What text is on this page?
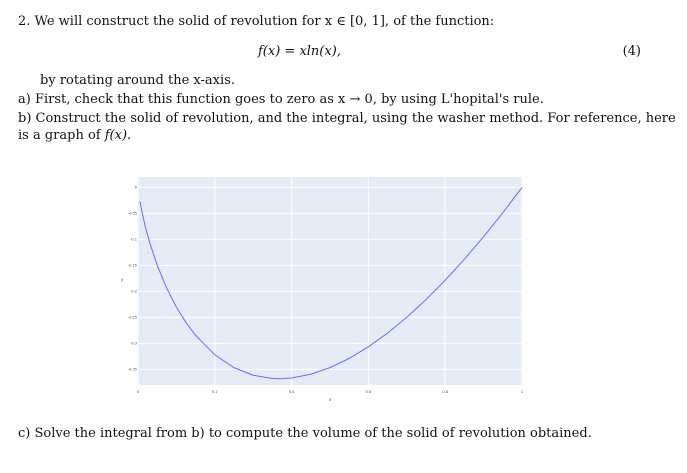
2. We will construct the solid of revolution for x ∈ [0, 1], of the function:
f(x) = xln(x),	(4)
by rotating around the x-axis.
a) First, check that this function goes to zero as x → 0, by using L'hopital's rule.
b) Construct the solid of revolution, and the integral, using the washer method. For reference, here
is a graph of f(x).
0	0.2	0.4	0.6	0.8	1
0
-0.05
-0.1
-0.15
-0.2
-0.25
-0.3
-0.35
x
y
c) Solve the integral from b) to compute the volume of the solid of revolution obtained.
